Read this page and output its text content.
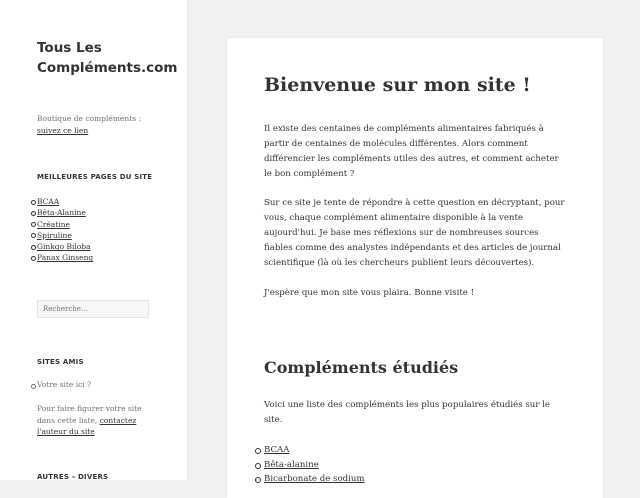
Tous Les
Compléments.com
Boutique de compléments :
suivez ce lien
MEILLEURES PAGES DU SITE
BCAA
Bêta-Alanine
Créatine
Spiruline
Ginkgo Biloba
Panax Ginseng
Recherche…
SITES AMIS
Votre site ici ?
Pour faire figurer votre site dans cette liste, contactez l'auteur du site
AUTRES – DIVERS
Bienvenue sur mon site !

Il existe des centaines de compléments alimentaires fabriqués à partir de centaines de molécules différentes. Alors comment différencier les compléments utiles des autres, et comment acheter le bon complément ?

Sur ce site je tente de répondre à cette question en décryptant, pour vous, chaque complément alimentaire disponible à la vente aujourd'hui. Je base mes réflexions sur de nombreuses sources fiables comme des analystes indépendants et des articles de journal scientifique (là où les chercheurs publient leurs découvertes).

J'espère que mon site vous plaira. Bonne visite !

Compléments étudiés

Voici une liste des compléments les plus populaires étudiés sur le site.

BCAA
Bêta-alanine
Bicarbonate de sodium
